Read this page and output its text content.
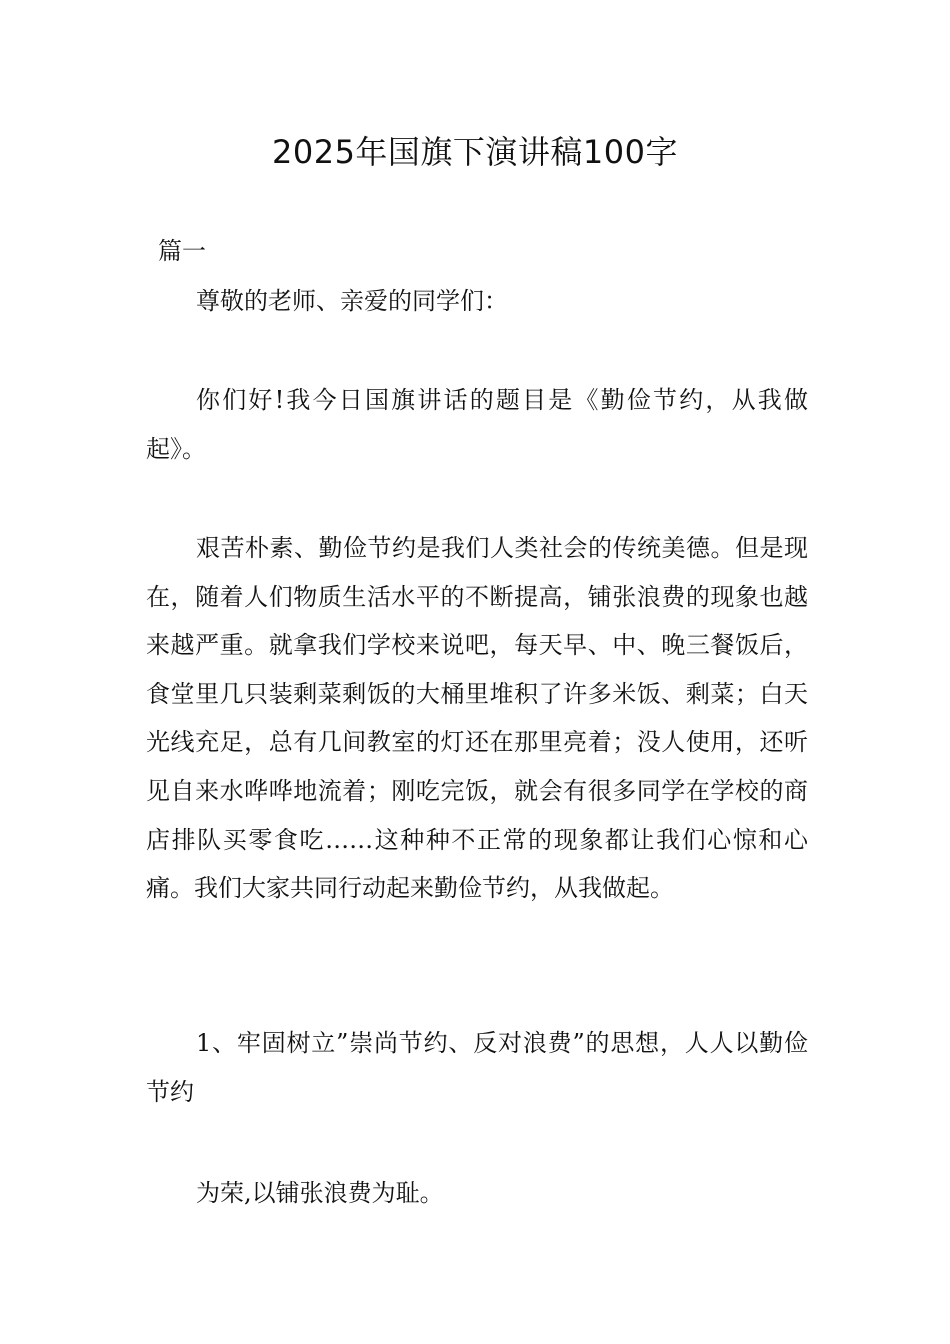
2025年国旗下演讲稿100字

篇一

尊敬的老师、亲爱的同学们：

你们好!我今日国旗讲话的题目是《勤俭节约，从我做起》。

艰苦朴素、勤俭节约是我们人类社会的传统美德。但是现在，随着人们物质生活水平的不断提高，铺张浪费的现象也越来越严重。就拿我们学校来说吧，每天早、中、晚三餐饭后，食堂里几只装剩菜剩饭的大桶里堆积了许多米饭、剩菜；白天光线充足，总有几间教室的灯还在那里亮着；没人使用，还听见自来水哗哗地流着；刚吃完饭，就会有很多同学在学校的商店排队买零食吃……这种种不正常的现象都让我们心惊和心痛。我们大家共同行动起来勤俭节约，从我做起。

1、牢固树立”崇尚节约、反对浪费”的思想，人人以勤俭节约

为荣,以铺张浪费为耻。
